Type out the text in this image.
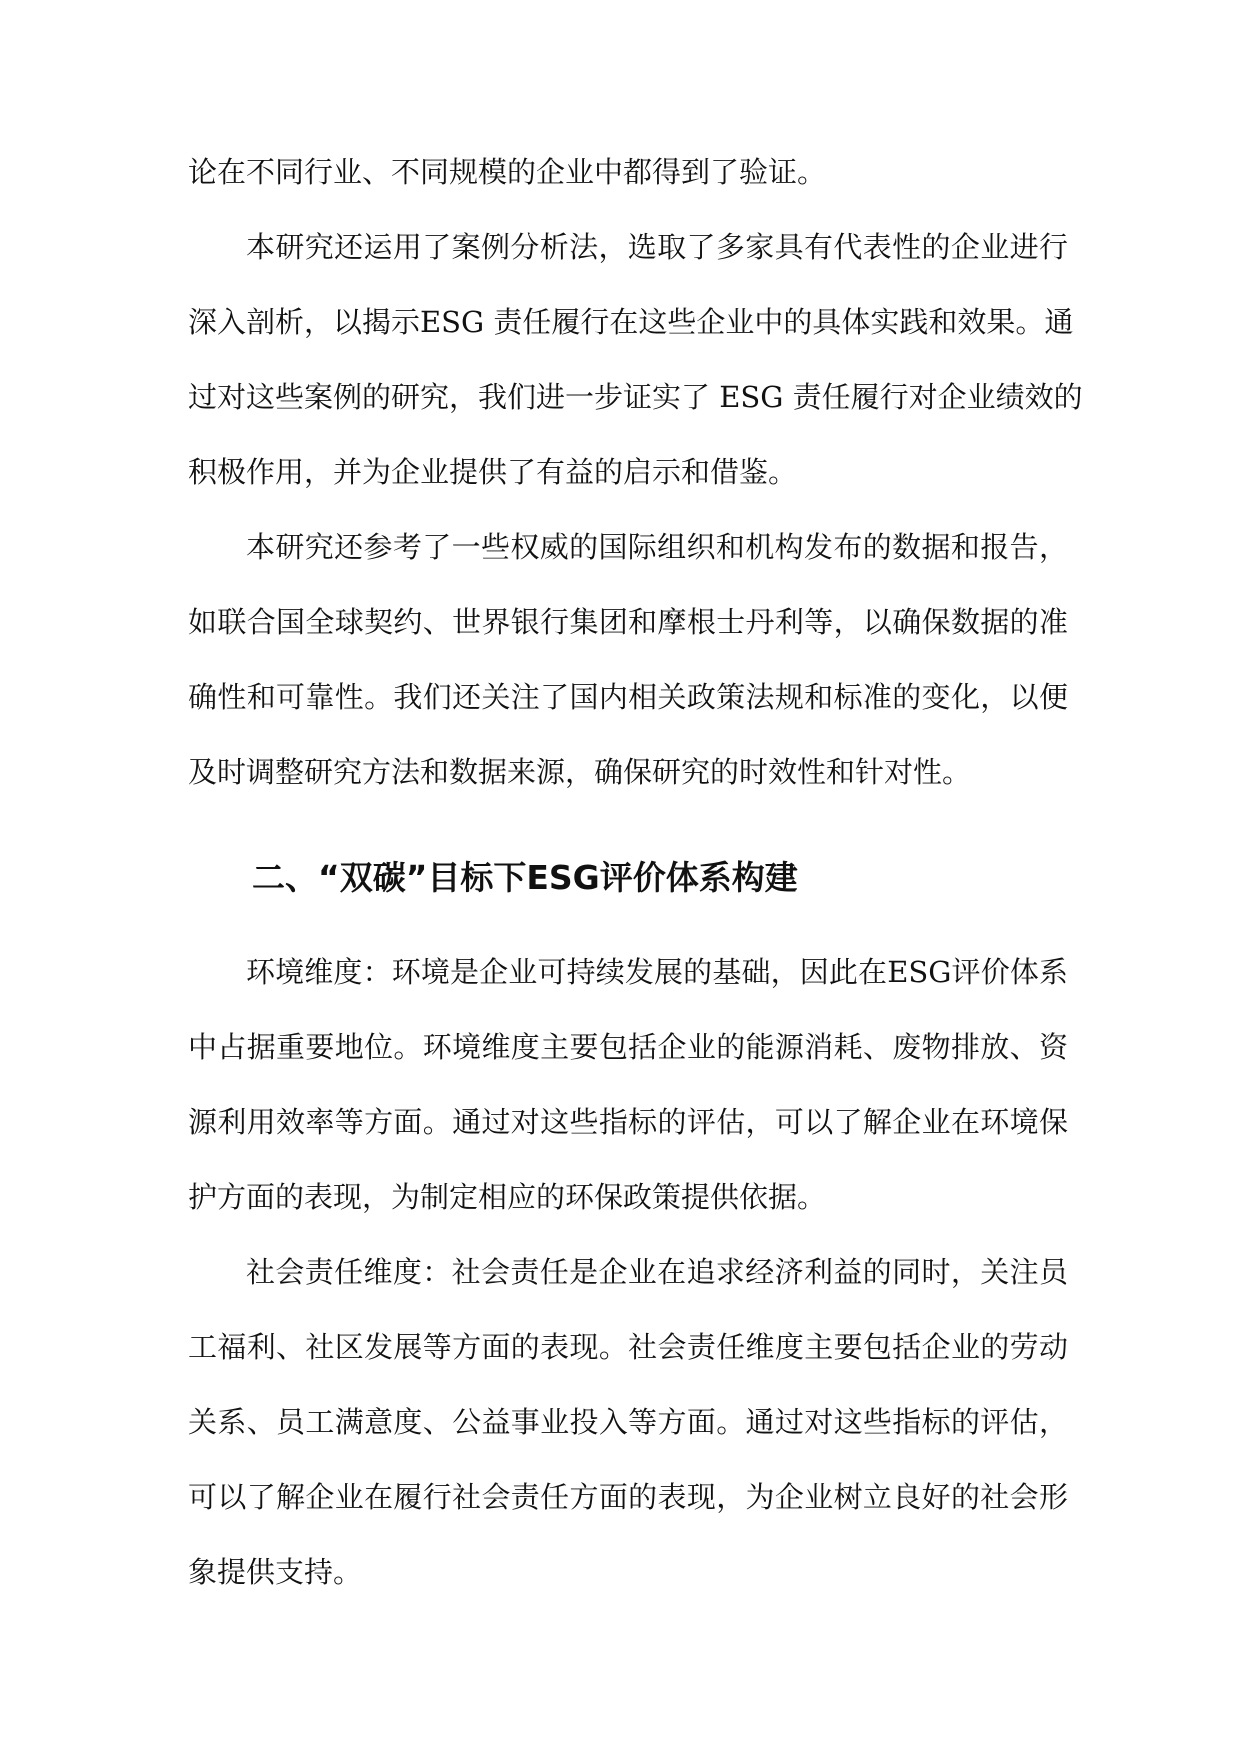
论在不同行业、不同规模的企业中都得到了验证。
本研究还运用了案例分析法，选取了多家具有代表性的企业进行
深入剖析，以揭示ESG 责任履行在这些企业中的具体实践和效果。通
过对这些案例的研究，我们进一步证实了 ESG 责任履行对企业绩效的
积极作用，并为企业提供了有益的启示和借鉴。
本研究还参考了一些权威的国际组织和机构发布的数据和报告，
如联合国全球契约、世界银行集团和摩根士丹利等，以确保数据的准
确性和可靠性。我们还关注了国内相关政策法规和标准的变化，以便
及时调整研究方法和数据来源，确保研究的时效性和针对性。
二、“双碳”目标下ESG评价体系构建
环境维度：环境是企业可持续发展的基础，因此在ESG评价体系
中占据重要地位。环境维度主要包括企业的能源消耗、废物排放、资
源利用效率等方面。通过对这些指标的评估，可以了解企业在环境保
护方面的表现，为制定相应的环保政策提供依据。
社会责任维度：社会责任是企业在追求经济利益的同时，关注员
工福利、社区发展等方面的表现。社会责任维度主要包括企业的劳动
关系、员工满意度、公益事业投入等方面。通过对这些指标的评估，
可以了解企业在履行社会责任方面的表现，为企业树立良好的社会形
象提供支持。
